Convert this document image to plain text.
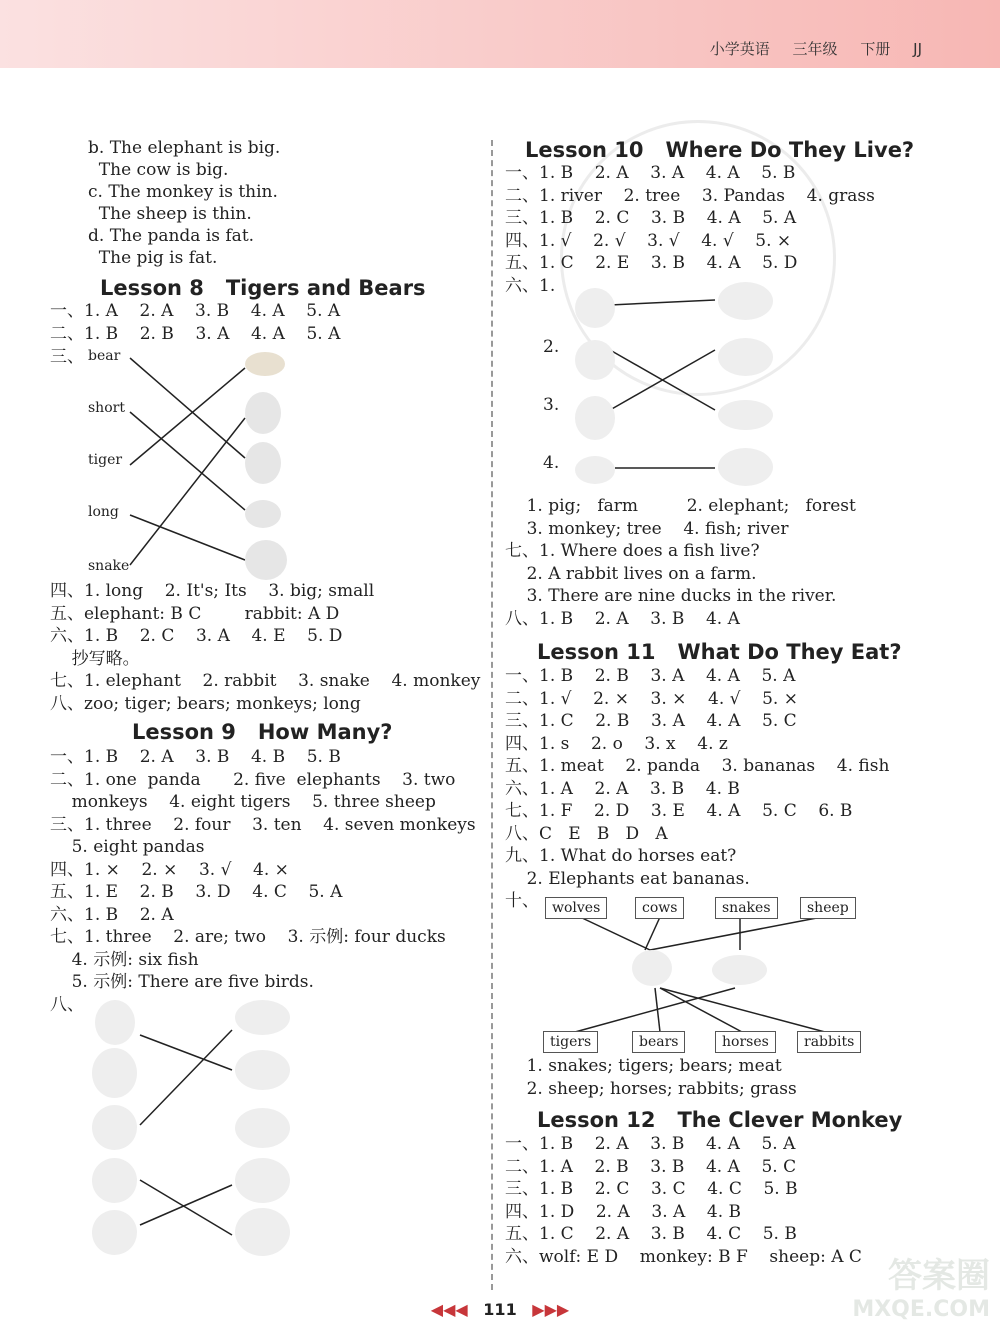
小学英语 三年级 下册 JJ
b. The elephant is big.
The cow is big.
c. The monkey is thin.
The sheep is thin.
d. The panda is fat.
The pig is fat.
Lesson 8   Tigers and Bears
一、1. A    2. A    3. B    4. A    5. A
二、1. B    2. B    3. A    4. A    5. A
三、
四、1. long    2. It's; Its    3. big; small
五、elephant: B C        rabbit: A D
六、1. B    2. C    3. A    4. E    5. D
抄写略。
七、1. elephant    2. rabbit    3. snake    4. monkey
八、zoo; tiger; bears; monkeys; long
bear
short
tiger
long
snake
Lesson 9   How Many?
一、1. B    2. A    3. B    4. B    5. B
二、1. one  panda      2. five  elephants    3. two
monkeys    4. eight tigers    5. three sheep
三、1. three    2. four    3. ten    4. seven monkeys
5. eight pandas
四、1. ×    2. ×    3. √    4. ×
五、1. E    2. B    3. D    4. C    5. A
六、1. B    2. A
七、1. three    2. are; two    3. 示例: four ducks
4. 示例: six fish
5. 示例: There are five birds.
八、
Lesson 10   Where Do They Live?
一、1. B    2. A    3. A    4. A    5. B
二、1. river    2. tree    3. Pandas    4. grass
三、1. B    2. C    3. B    4. A    5. A
四、1. √    2. √    3. √    4. √    5. ×
五、1. C    2. E    3. B    4. A    5. D
六、1.
1. pig;   farm         2. elephant;   forest
3. monkey; tree    4. fish; river
七、1. Where does a fish live?
2. A rabbit lives on a farm.
3. There are nine ducks in the river.
八、1. B    2. A    3. B    4. A
2.
3.
4.
Lesson 11   What Do They Eat?
一、1. B    2. B    3. A    4. A    5. A
二、1. √    2. ×    3. ×    4. √    5. ×
三、1. C    2. B    3. A    4. A    5. C
四、1. s    2. o    3. x    4. z
五、1. meat    2. panda    3. bananas    4. fish
六、1. A    2. A    3. B    4. B
七、1. F    2. D    3. E    4. A    5. C    6. B
八、C   E   B   D   A
九、1. What do horses eat?
2. Elephants eat bananas.
十、 wolves	cows	snakes	sheep
tigers	bears	horses	rabbits
1. snakes; tigers; bears; meat
2. sheep; horses; rabbits; grass
Lesson 12   The Clever Monkey
一、1. B    2. A    3. B    4. A    5. A
二、1. A    2. B    3. B    4. A    5. C
三、1. B    2. C    3. C    4. C    5. B
四、1. D    2. A    3. A    4. B
五、1. C    2. A    3. B    4. C    5. B
六、wolf: E D    monkey: B F    sheep: A C
◀◀◀ 111 ▶▶▶
答案圈
MXQE.COM
